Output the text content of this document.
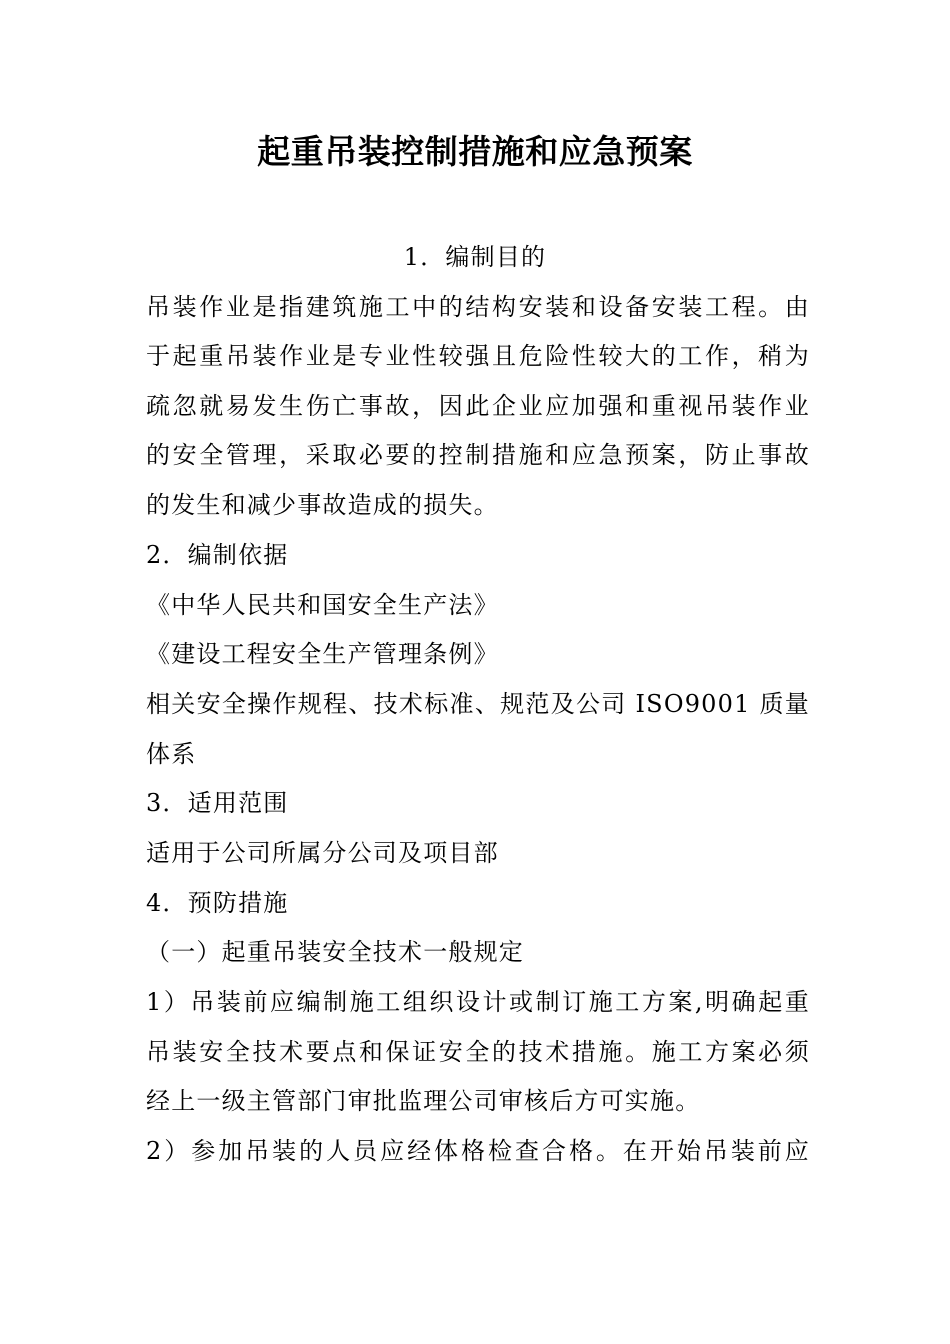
起重吊装控制措施和应急预案
1．编制目的
吊装作业是指建筑施工中的结构安装和设备安装工程。由
于起重吊装作业是专业性较强且危险性较大的工作，稍为
疏忽就易发生伤亡事故，因此企业应加强和重视吊装作业
的安全管理，采取必要的控制措施和应急预案，防止事故
的发生和减少事故造成的损失。
2．编制依据
《中华人民共和国安全生产法》
《建设工程安全生产管理条例》
相关安全操作规程、技术标准、规范及公司 ISO9001 质量
体系
3．适用范围
适用于公司所属分公司及项目部
4．预防措施
（一）起重吊装安全技术一般规定
1）吊装前应编制施工组织设计或制订施工方案,明确起重
吊装安全技术要点和保证安全的技术措施。施工方案必须
经上一级主管部门审批监理公司审核后方可实施。
2）参加吊装的人员应经体格检查合格。在开始吊装前应
